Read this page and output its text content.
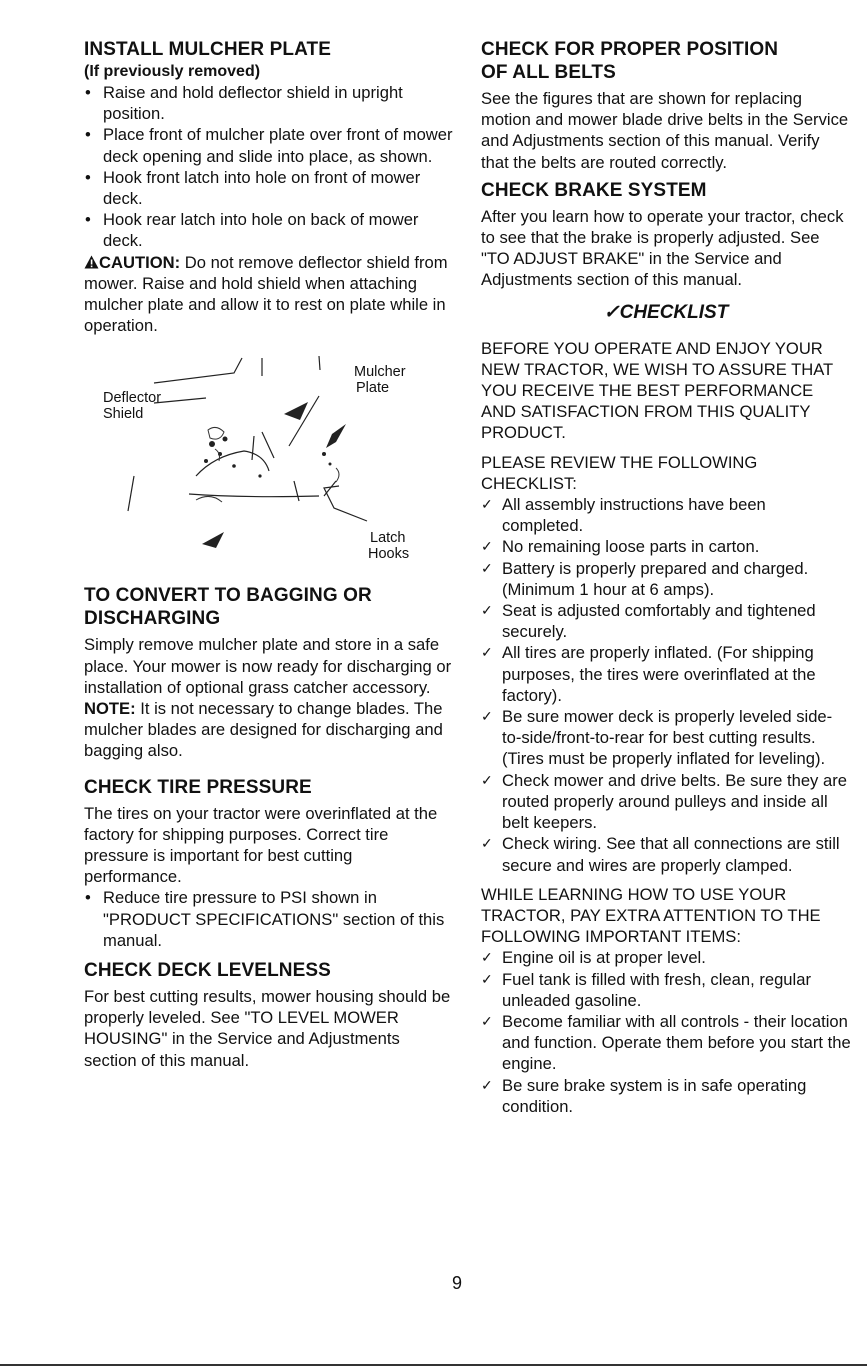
INSTALL MULCHER PLATE
(If previously removed)
• Raise and hold deflector shield in upright position.
• Place front of mulcher plate over front of mower deck opening and slide into place, as shown.
• Hook front latch into hole on front of mower deck.
• Hook rear latch into hole on back of mower deck.

CAUTION: Do not remove deflector shield from mower. Raise and hold shield when attaching mulcher plate and allow it to rest on plate while in operation.

Mulcher
Plate
Deflector
Shield
Latch
Hooks
TO CONVERT TO BAGGING OR
DISCHARGING

Simply remove mulcher plate and store in a safe place. Your mower is now ready for discharging or installation of optional grass catcher accessory.

NOTE: It is not necessary to change blades. The mulcher blades are designed for discharging and bagging also.

CHECK TIRE PRESSURE

The tires on your tractor were overinflated at the factory for shipping purposes. Correct tire pressure is important for best cutting performance.

• Reduce tire pressure to PSI shown in "PRODUCT SPECIFICATIONS" section of this manual.
CHECK DECK LEVELNESS

For best cutting results, mower housing should be properly leveled. See "TO LEVEL MOWER HOUSING" in the Service and Adjustments section of this manual.

CHECK FOR PROPER POSITION
OF ALL BELTS

See the figures that are shown for replacing motion and mower blade drive belts in the Service and Adjustments section of this manual. Verify that the belts are routed correctly.

CHECK BRAKE SYSTEM

After you learn how to operate your tractor, check to see that the brake is properly adjusted. See "TO ADJUST BRAKE" in the Service and Adjustments section of this manual.

✓CHECKLIST

BEFORE YOU OPERATE AND ENJOY YOUR NEW TRACTOR, WE WISH TO ASSURE THAT YOU RECEIVE THE BEST PERFORMANCE AND SATISFACTION FROM THIS QUALITY PRODUCT.

PLEASE REVIEW THE FOLLOWING CHECKLIST:

✓ All assembly instructions have been completed.
✓ No remaining loose parts in carton.
✓ Battery is properly prepared and charged. (Minimum 1 hour at 6 amps).
✓ Seat is adjusted comfortably and tightened securely.
✓ All tires are properly inflated. (For shipping purposes, the tires were overinflated at the factory).
✓ Be sure mower deck is properly leveled side-to-side/front-to-rear for best cutting results. (Tires must be properly inflated for leveling).
✓ Check mower and drive belts. Be sure they are routed properly around pulleys and inside all belt keepers.
✓ Check wiring. See that all connections are still secure and wires are properly clamped.

WHILE LEARNING HOW TO USE YOUR TRACTOR, PAY EXTRA ATTENTION TO THE FOLLOWING IMPORTANT ITEMS:

✓ Engine oil is at proper level.
✓ Fuel tank is filled with fresh, clean, regular unleaded gasoline.
✓ Become familiar with all controls - their location and function. Operate them before you start the engine.
✓ Be sure brake system is in safe operating condition.
9
